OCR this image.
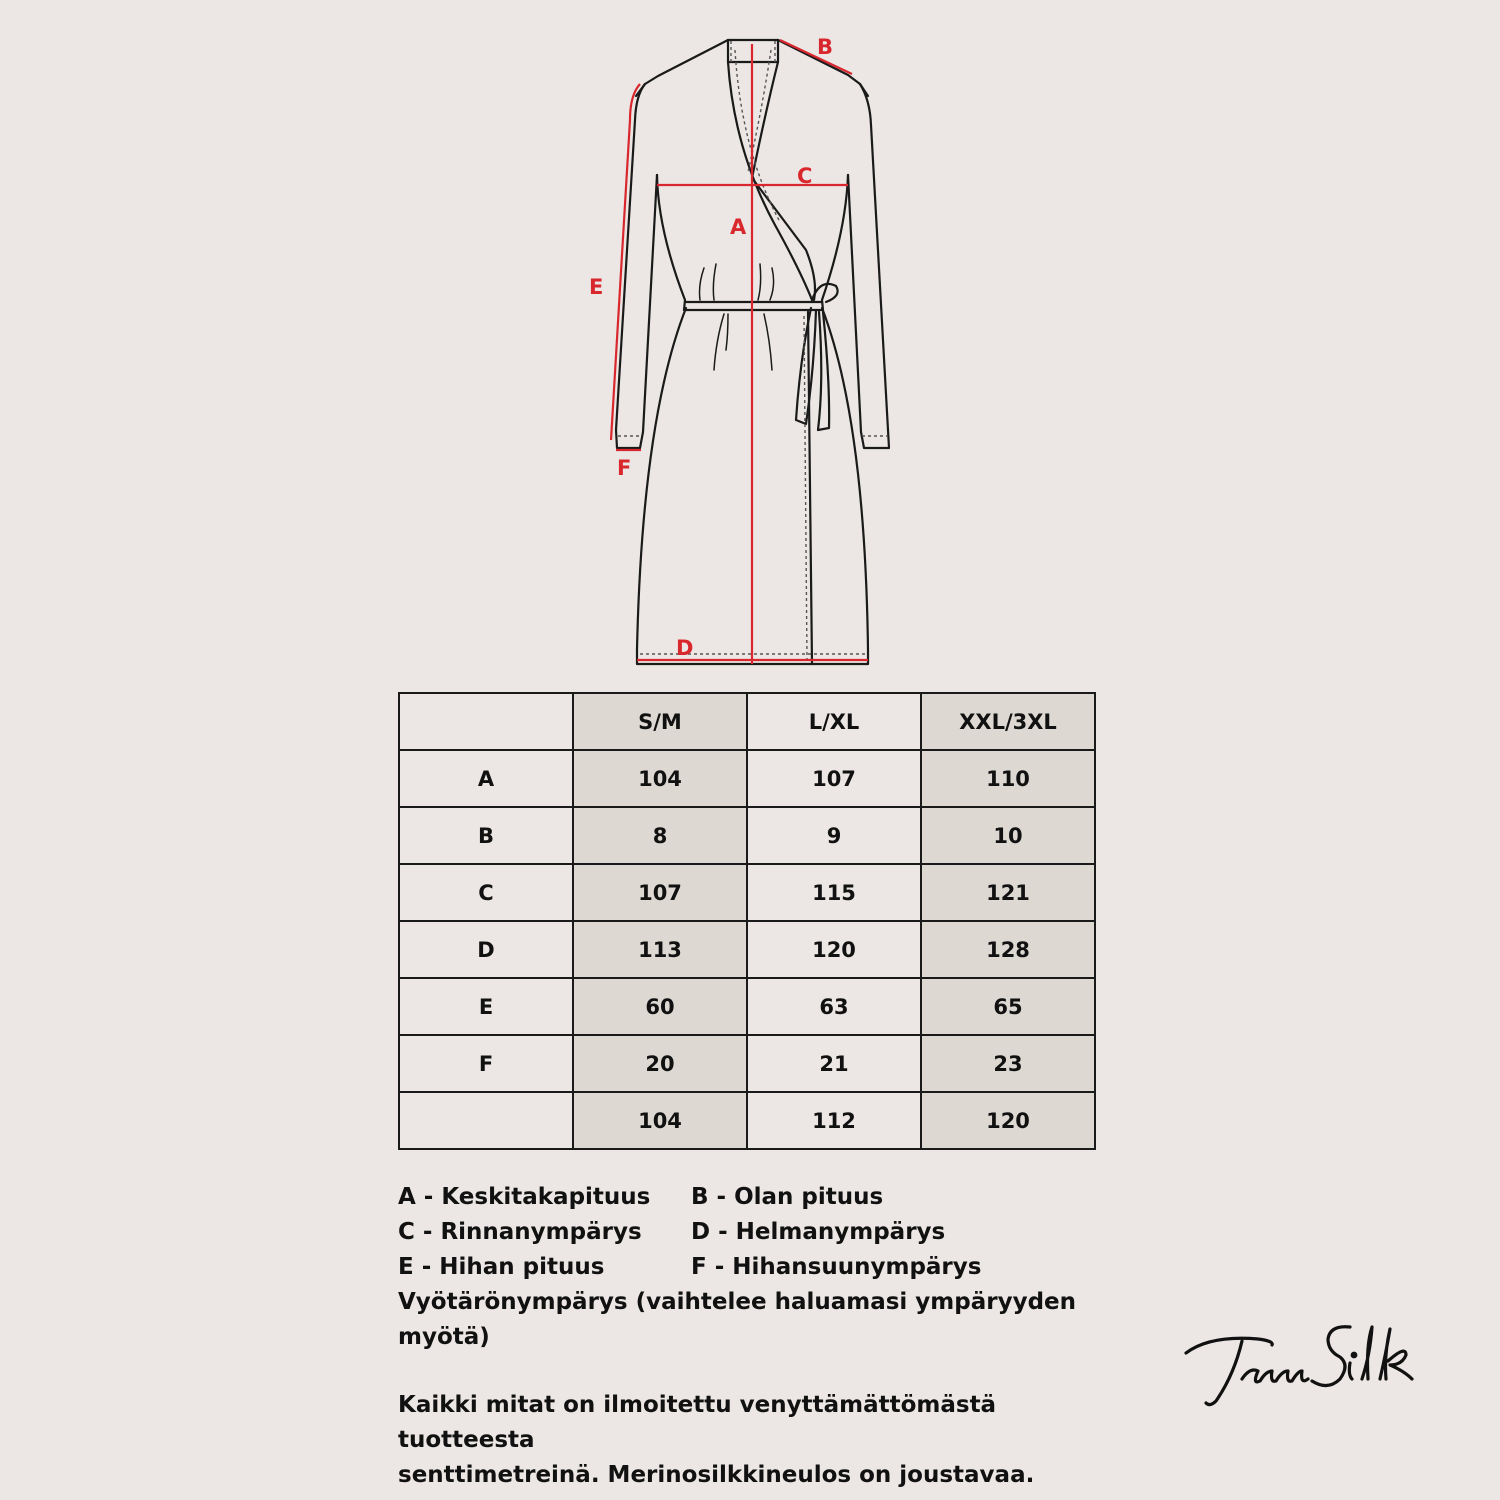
A
B
C
D
E
F
	S/M	L/XL	XXL/3XL
A	104	107	110
B	8	9	10
C	107	115	121
D	113	120	128
E	60	63	65
F	20	21	23
	104	112	120
A - Keskitakapituus	B - Olan pituus
C - Rinnanympärys	D - Helmanympärys
E - Hihan pituus	F - Hihansuunympärys
Vyötärönympärys (vaihtelee haluamasi ympäryyden
myötä)
Kaikki mitat on ilmoitettu venyttämättömästä tuotteesta
senttimetreinä. Merinosilkkineulos on joustavaa.
